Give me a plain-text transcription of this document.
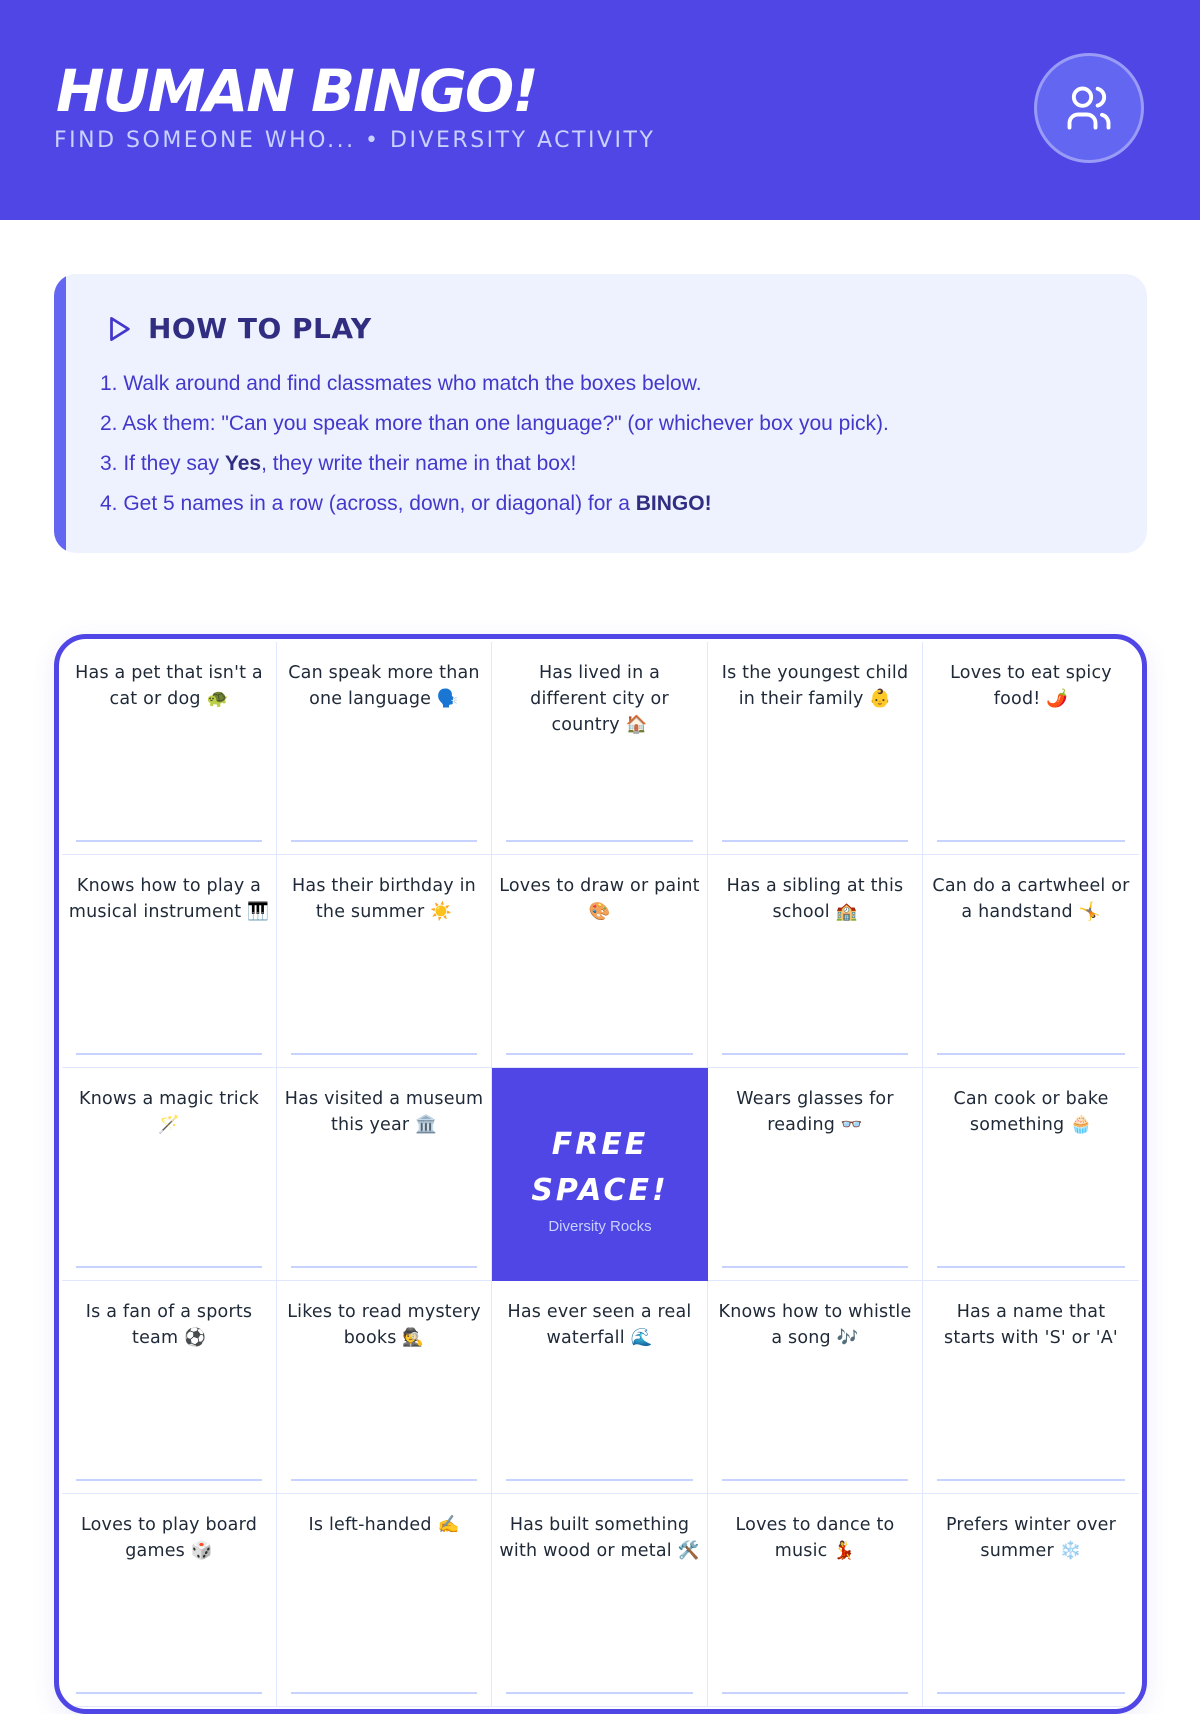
HUMAN BINGO!
FIND SOMEONE WHO... • DIVERSITY ACTIVITY
HOW TO PLAY
1. Walk around and find classmates who match the boxes below.
2. Ask them: "Can you speak more than one language?" (or whichever box you pick).
3. If they say Yes, they write their name in that box!
4. Get 5 names in a row (across, down, or diagonal) for a BINGO!
Has a pet that isn't a cat or dog 🐢
Can speak more than one language 🗣️
Has lived in a different city or country 🏠
Is the youngest child in their family 👶
Loves to eat spicy food! 🌶️
Knows how to play a musical instrument 🎹
Has their birthday in the summer ☀️
Loves to draw or paint 🎨
Has a sibling at this school 🏫
Can do a cartwheel or a handstand 🤸
Knows a magic trick 🪄
Has visited a museum this year 🏛️
FREE SPACE!
Diversity Rocks
Wears glasses for reading 👓
Can cook or bake something 🧁
Is a fan of a sports team ⚽
Likes to read mystery books 🕵️
Has ever seen a real waterfall 🌊
Knows how to whistle a song 🎶
Has a name that starts with 'S' or 'A'
Loves to play board games 🎲
Is left-handed ✍️	Has built something with wood or metal 🛠️
Loves to dance to music 💃
Prefers winter over summer ❄️
